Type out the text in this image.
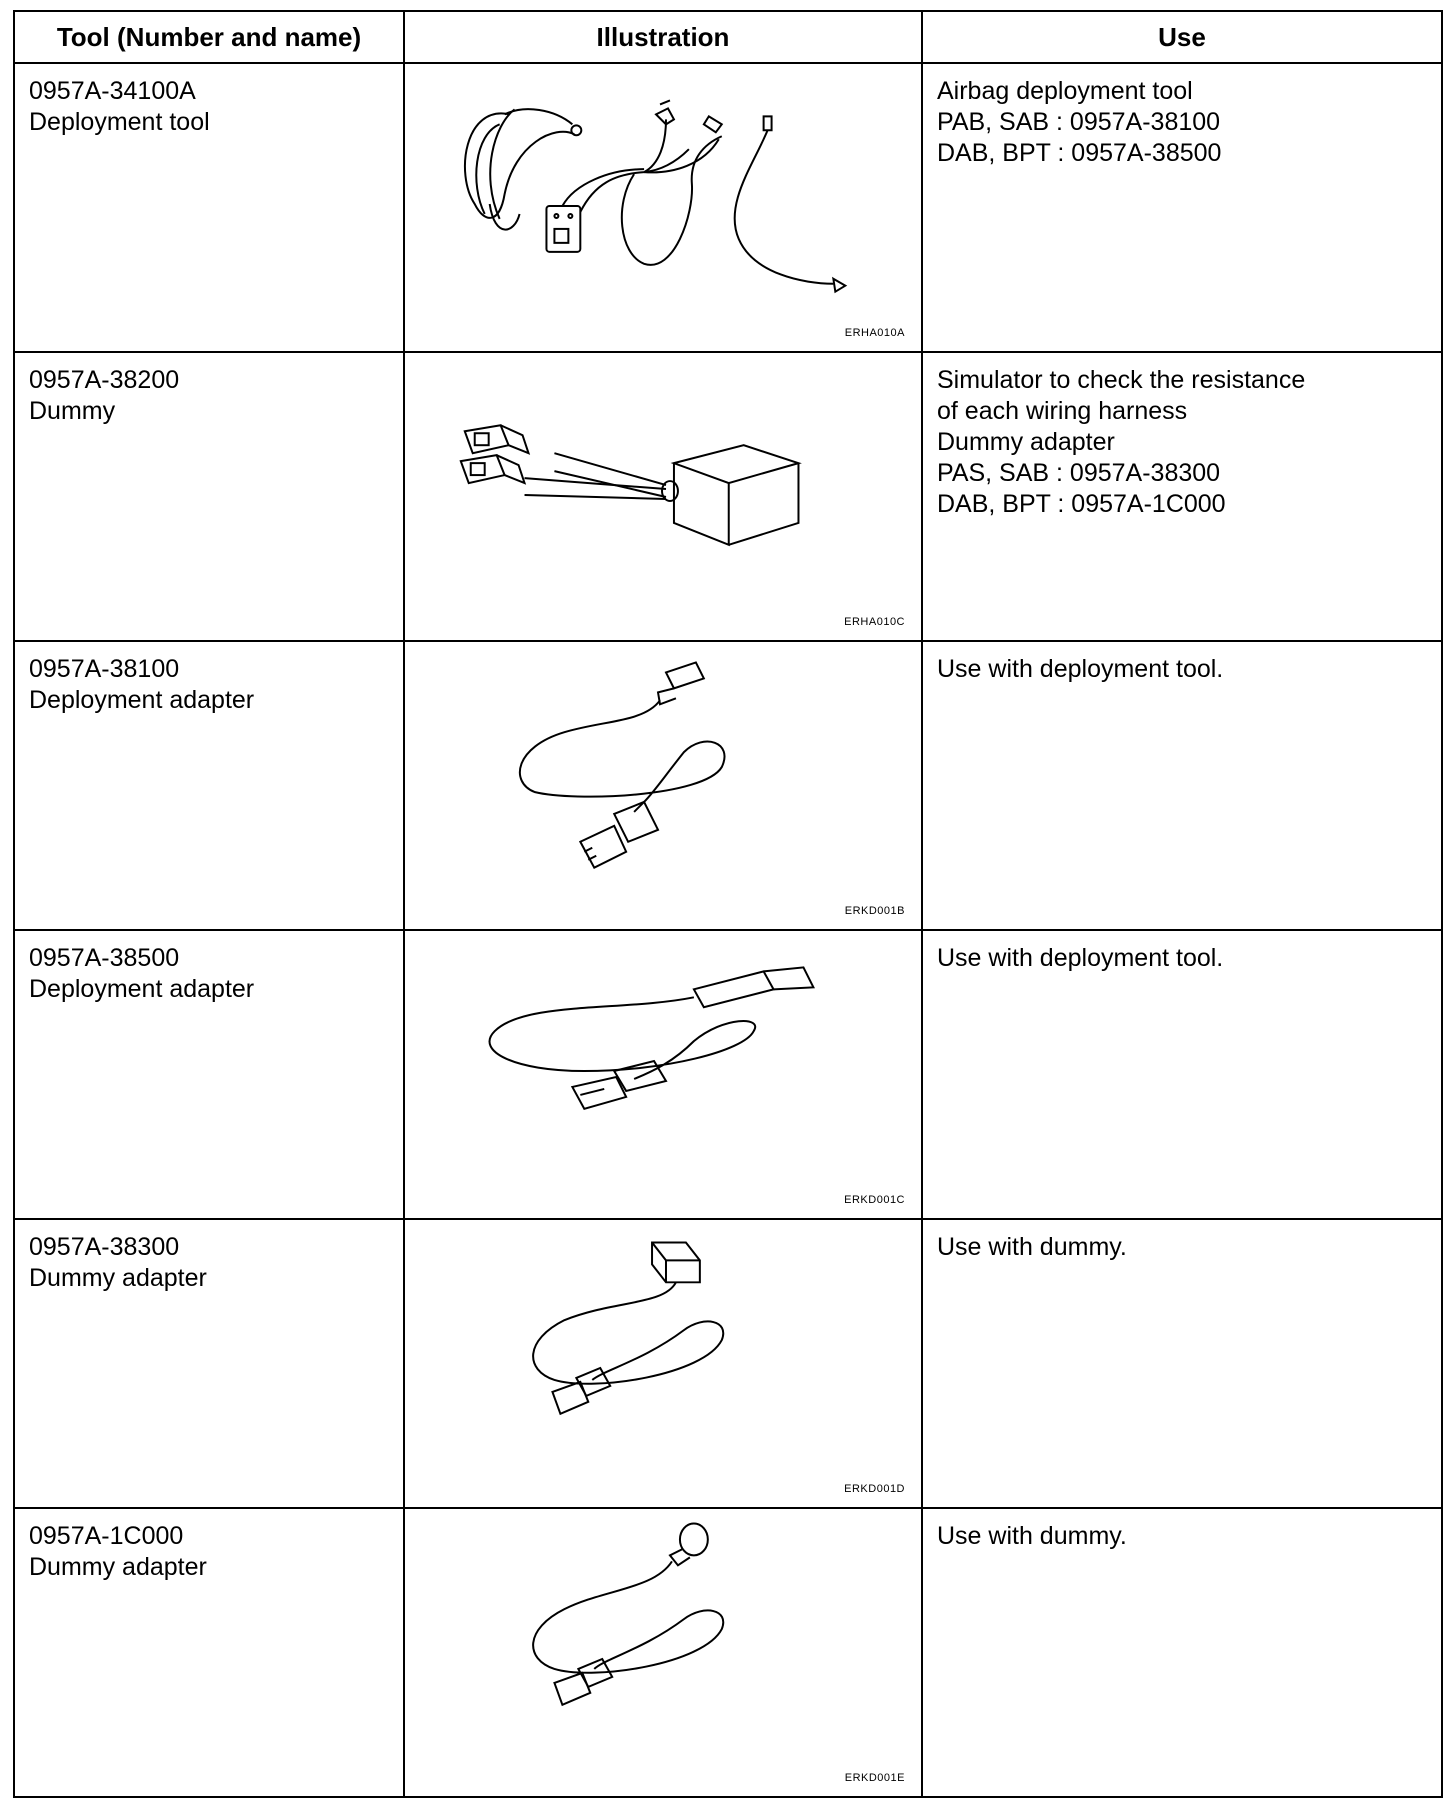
Tool (Number and name)	Illustration	Use

0957A-34100A
Deployment tool	ERHA010A	Airbag deployment tool
PAB, SAB : 0957A-38100
DAB, BPT : 0957A-38500

0957A-38200
Dummy	ERHA010C	Simulator to check the resistance
of each wiring harness
Dummy adapter
PAS, SAB : 0957A-38300
DAB, BPT : 0957A-1C000

0957A-38100
Deployment adapter	ERKD001B	Use with deployment tool.

0957A-38500
Deployment adapter	ERKD001C	Use with deployment tool.

0957A-38300
Dummy adapter	ERKD001D	Use with dummy.

0957A-1C000
Dummy adapter	ERKD001E	Use with dummy.
